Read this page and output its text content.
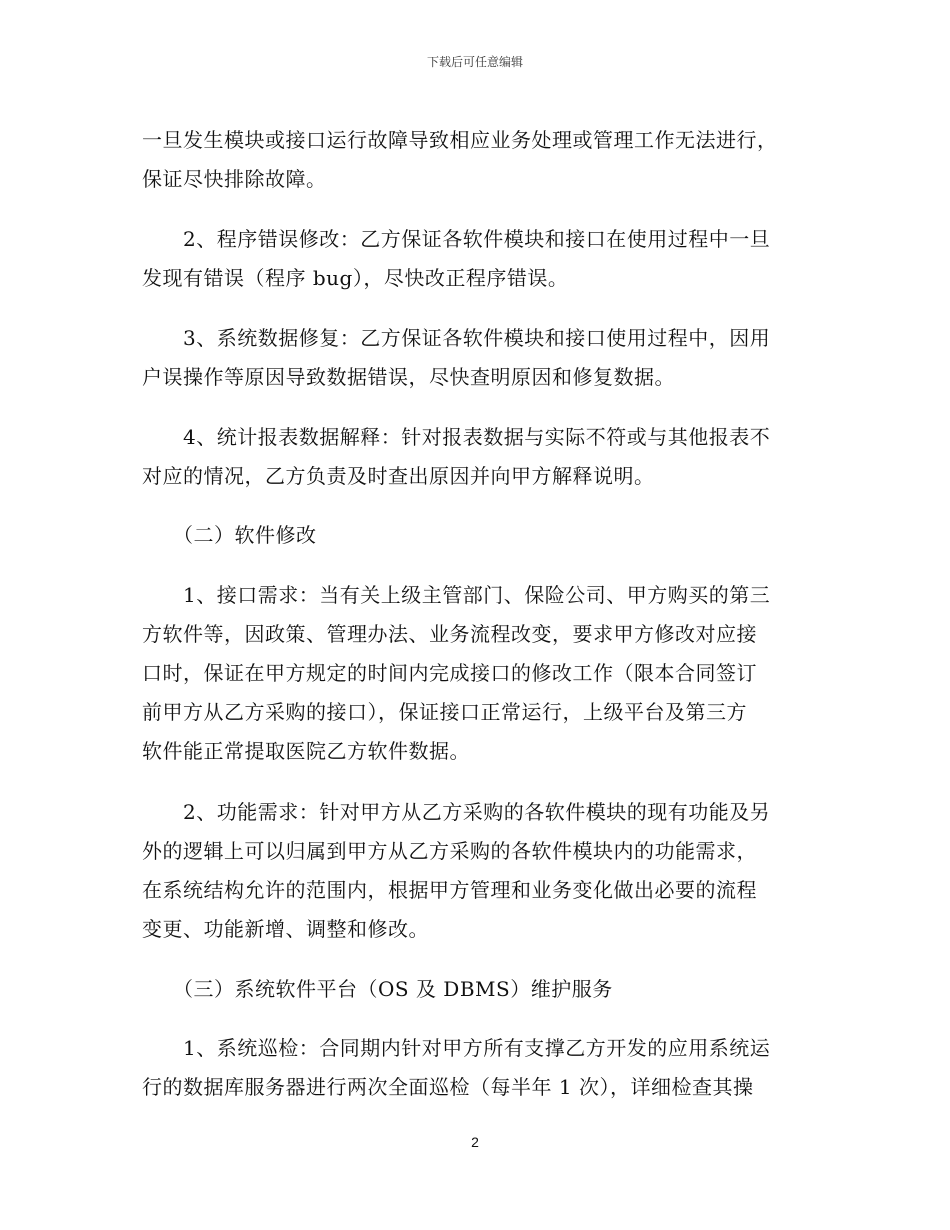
下载后可任意编辑

一旦发生模块或接口运行故障导致相应业务处理或管理工作无法进行，
保证尽快排除故障。

　　2、程序错误修改：乙方保证各软件模块和接口在使用过程中一旦
发现有错误（程序 bug），尽快改正程序错误。

　　3、系统数据修复：乙方保证各软件模块和接口使用过程中，因用
户误操作等原因导致数据错误，尽快查明原因和修复数据。

　　4、统计报表数据解释：针对报表数据与实际不符或与其他报表不
对应的情况，乙方负责及时查出原因并向甲方解释说明。

　　（二）软件修改

　　1、接口需求：当有关上级主管部门、保险公司、甲方购买的第三
方软件等，因政策、管理办法、业务流程改变，要求甲方修改对应接
口时，保证在甲方规定的时间内完成接口的修改工作（限本合同签订
前甲方从乙方采购的接口），保证接口正常运行，上级平台及第三方
软件能正常提取医院乙方软件数据。

　　2、功能需求：针对甲方从乙方采购的各软件模块的现有功能及另
外的逻辑上可以归属到甲方从乙方采购的各软件模块内的功能需求，
在系统结构允许的范围内，根据甲方管理和业务变化做出必要的流程
变更、功能新增、调整和修改。

　　（三）系统软件平台（OS 及 DBMS）维护服务

　　1、系统巡检：合同期内针对甲方所有支撑乙方开发的应用系统运
行的数据库服务器进行两次全面巡检（每半年 1 次），详细检查其操

2
